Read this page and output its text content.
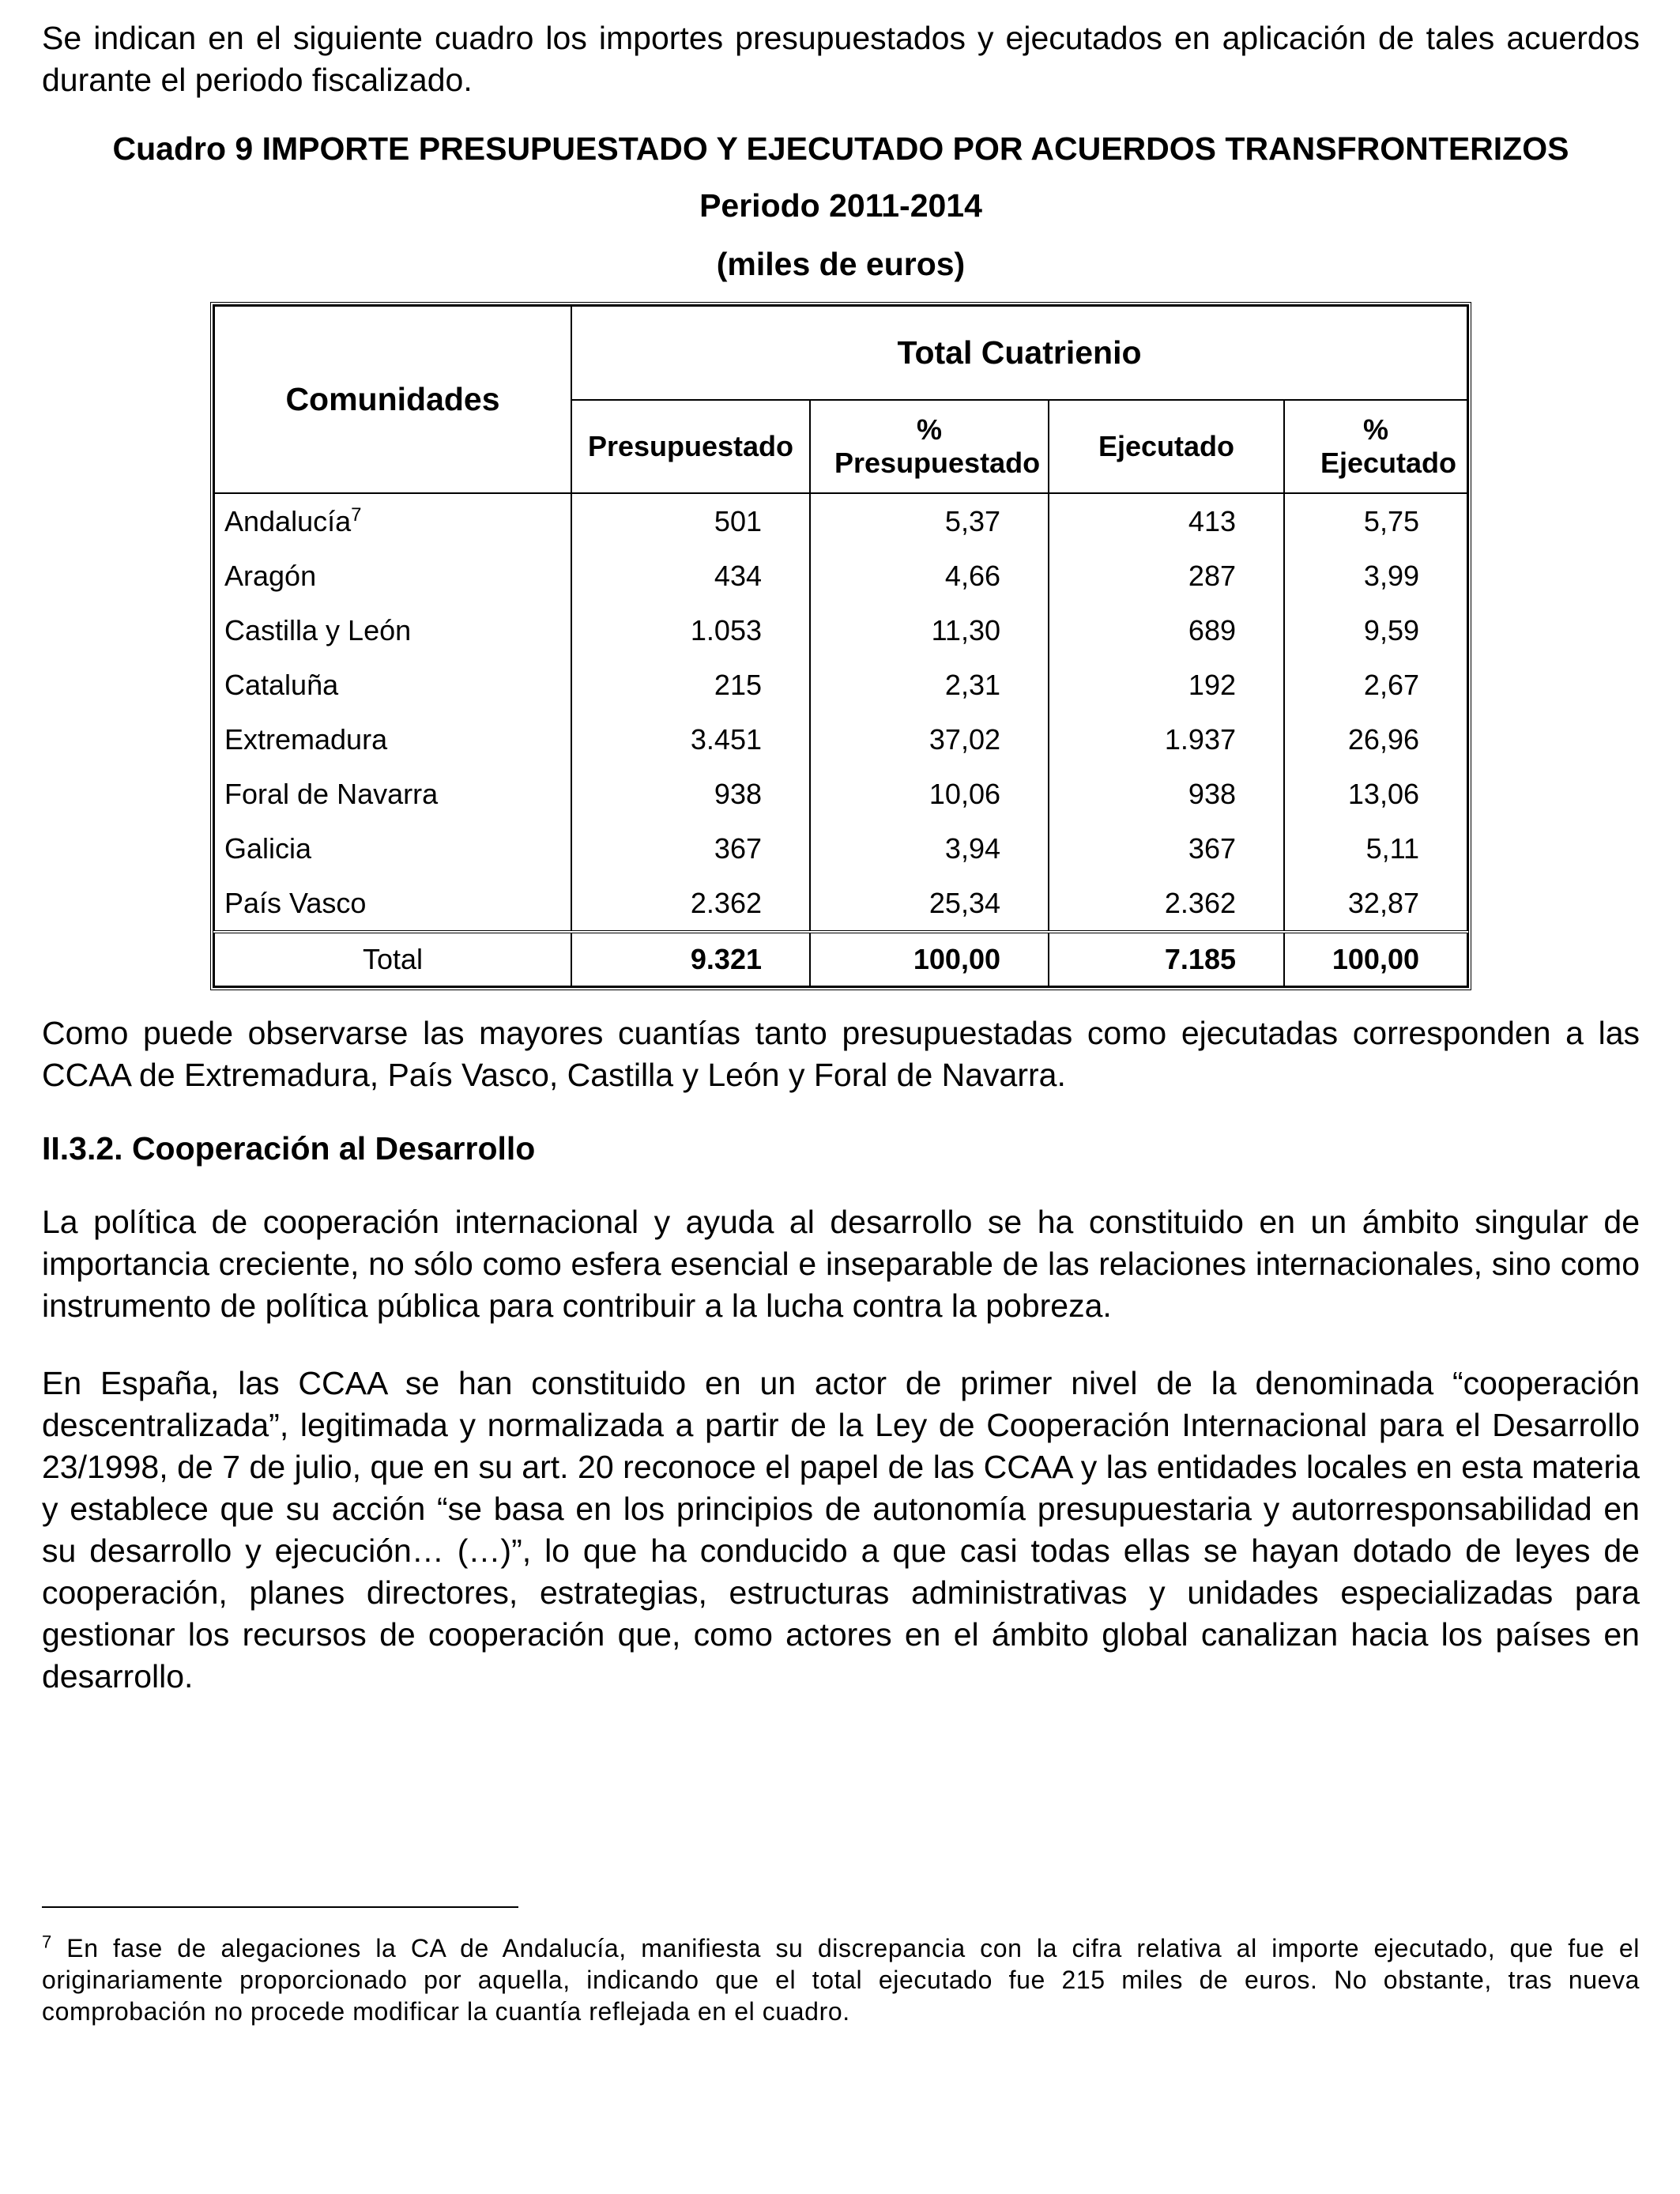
Se indican en el siguiente cuadro los importes presupuestados y ejecutados en aplicación de tales acuerdos durante el periodo fiscalizado.

Cuadro 9 IMPORTE PRESUPUESTADO Y EJECUTADO POR ACUERDOS TRANSFRONTERIZOS
Periodo 2011-2014
(miles de euros)
Comunidades	Total Cuatrienio			
	Presupuestado	% Presupuestado	Ejecutado	% Ejecutado
Andalucía$^7$	501	5,37	413	5,75
Aragón	434	4,66	287	3,99
Castilla y León	1.053	11,30	689	9,59
Cataluña	215	2,31	192	2,67
Extremadura	3.451	37,02	1.937	26,96
Foral de Navarra	938	10,06	938	13,06
Galicia	367	3,94	367	5,11
País Vasco	2.362	25,34	2.362	32,87
Total	9.321	100,00	7.185	100,00

Como puede observarse las mayores cuantías tanto presupuestadas como ejecutadas corresponden a las CCAA de Extremadura, País Vasco, Castilla y León y Foral de Navarra.

II.3.2. Cooperación al Desarrollo

La política de cooperación internacional y ayuda al desarrollo se ha constituido en un ámbito singular de importancia creciente, no sólo como esfera esencial e inseparable de las relaciones internacionales, sino como instrumento de política pública para contribuir a la lucha contra la pobreza.

En España, las CCAA se han constituido en un actor de primer nivel de la denominada “cooperación descentralizada”, legitimada y normalizada a partir de la Ley de Cooperación Internacional para el Desarrollo 23/1998, de 7 de julio, que en su art. 20 reconoce el papel de las CCAA y las entidades locales en esta materia y establece que su acción “se basa en los principios de autonomía presupuestaria y autorresponsabilidad en su desarrollo y ejecución… (…)”, lo que ha conducido a que casi todas ellas se hayan dotado de leyes de cooperación, planes directores, estrategias, estructuras administrativas y unidades especializadas para gestionar los recursos de cooperación que, como actores en el ámbito global canalizan hacia los países en desarrollo.

$^7$ En fase de alegaciones la CA de Andalucía, manifiesta su discrepancia con la cifra relativa al importe ejecutado, que fue el originariamente proporcionado por aquella, indicando que el total ejecutado fue 215 miles de euros. No obstante, tras nueva comprobación no procede modificar la cuantía reflejada en el cuadro.
